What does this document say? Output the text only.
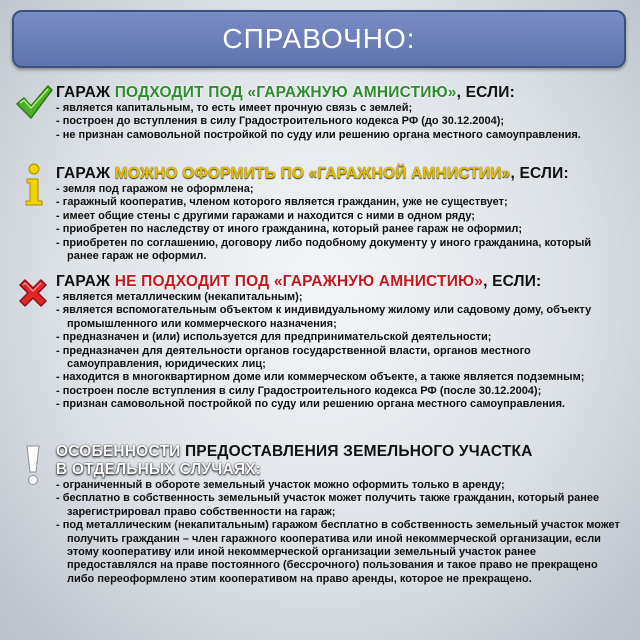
СПРАВОЧНО:
ГАРАЖ ПОДХОДИТ ПОД «ГАРАЖНУЮ АМНИСТИЮ», ЕСЛИ:
- является капитальным, то есть имеет прочную связь с землей;
- построен до вступления в силу Градостроительного кодекса РФ (до 30.12.2004);
- не признан самовольной постройкой по суду или решению органа местного самоуправления.
ГАРАЖ МОЖНО ОФОРМИТЬ ПО «ГАРАЖНОЙ АМНИСТИИ», ЕСЛИ:
- земля под гаражом не оформлена;
- гаражный кооператив, членом которого является гражданин, уже не существует;
- имеет общие стены с другими гаражами и находится с ними в одном ряду;
- приобретен по наследству от иного гражданина, который ранее гараж не оформил;
- приобретен по соглашению, договору либо подобному документу у иного гражданина, который ранее гараж не оформил.
ГАРАЖ НЕ ПОДХОДИТ ПОД «ГАРАЖНУЮ АМНИСТИЮ», ЕСЛИ:
- является металлическим (некапитальным);
- является вспомогательным объектом к индивидуальному жилому или садовому дому, объекту промышленного или коммерческого назначения;
- предназначен и (или) используется для предпринимательской деятельности;
- предназначен для деятельности органов государственной власти, органов местного самоуправления, юридических лиц;
- находится в многоквартирном доме или коммерческом объекте, а также является подземным;
- построен после вступления в силу Градостроительного кодекса РФ (после 30.12.2004);
- признан самовольной постройкой по суду или решению органа местного самоуправления.
ОСОБЕННОСТИ ПРЕДОСТАВЛЕНИЯ ЗЕМЕЛЬНОГО УЧАСТКА
В ОТДЕЛЬНЫХ СЛУЧАЯХ:
- ограниченный в обороте земельный участок можно оформить только в аренду;
- бесплатно в собственность земельный участок может получить также гражданин, который ранее зарегистрировал право собственности на гараж;
- под металлическим (некапитальным) гаражом бесплатно в собственность земельный участок может получить гражданин – член гаражного кооператива или иной некоммерческой организации, если этому кооперативу или иной некоммерческой организации земельный участок ранее предоставлялся на праве постоянного (бессрочного) пользования и такое право не прекращено либо переоформлено этим кооперативом на право аренды, которое не прекращено.
